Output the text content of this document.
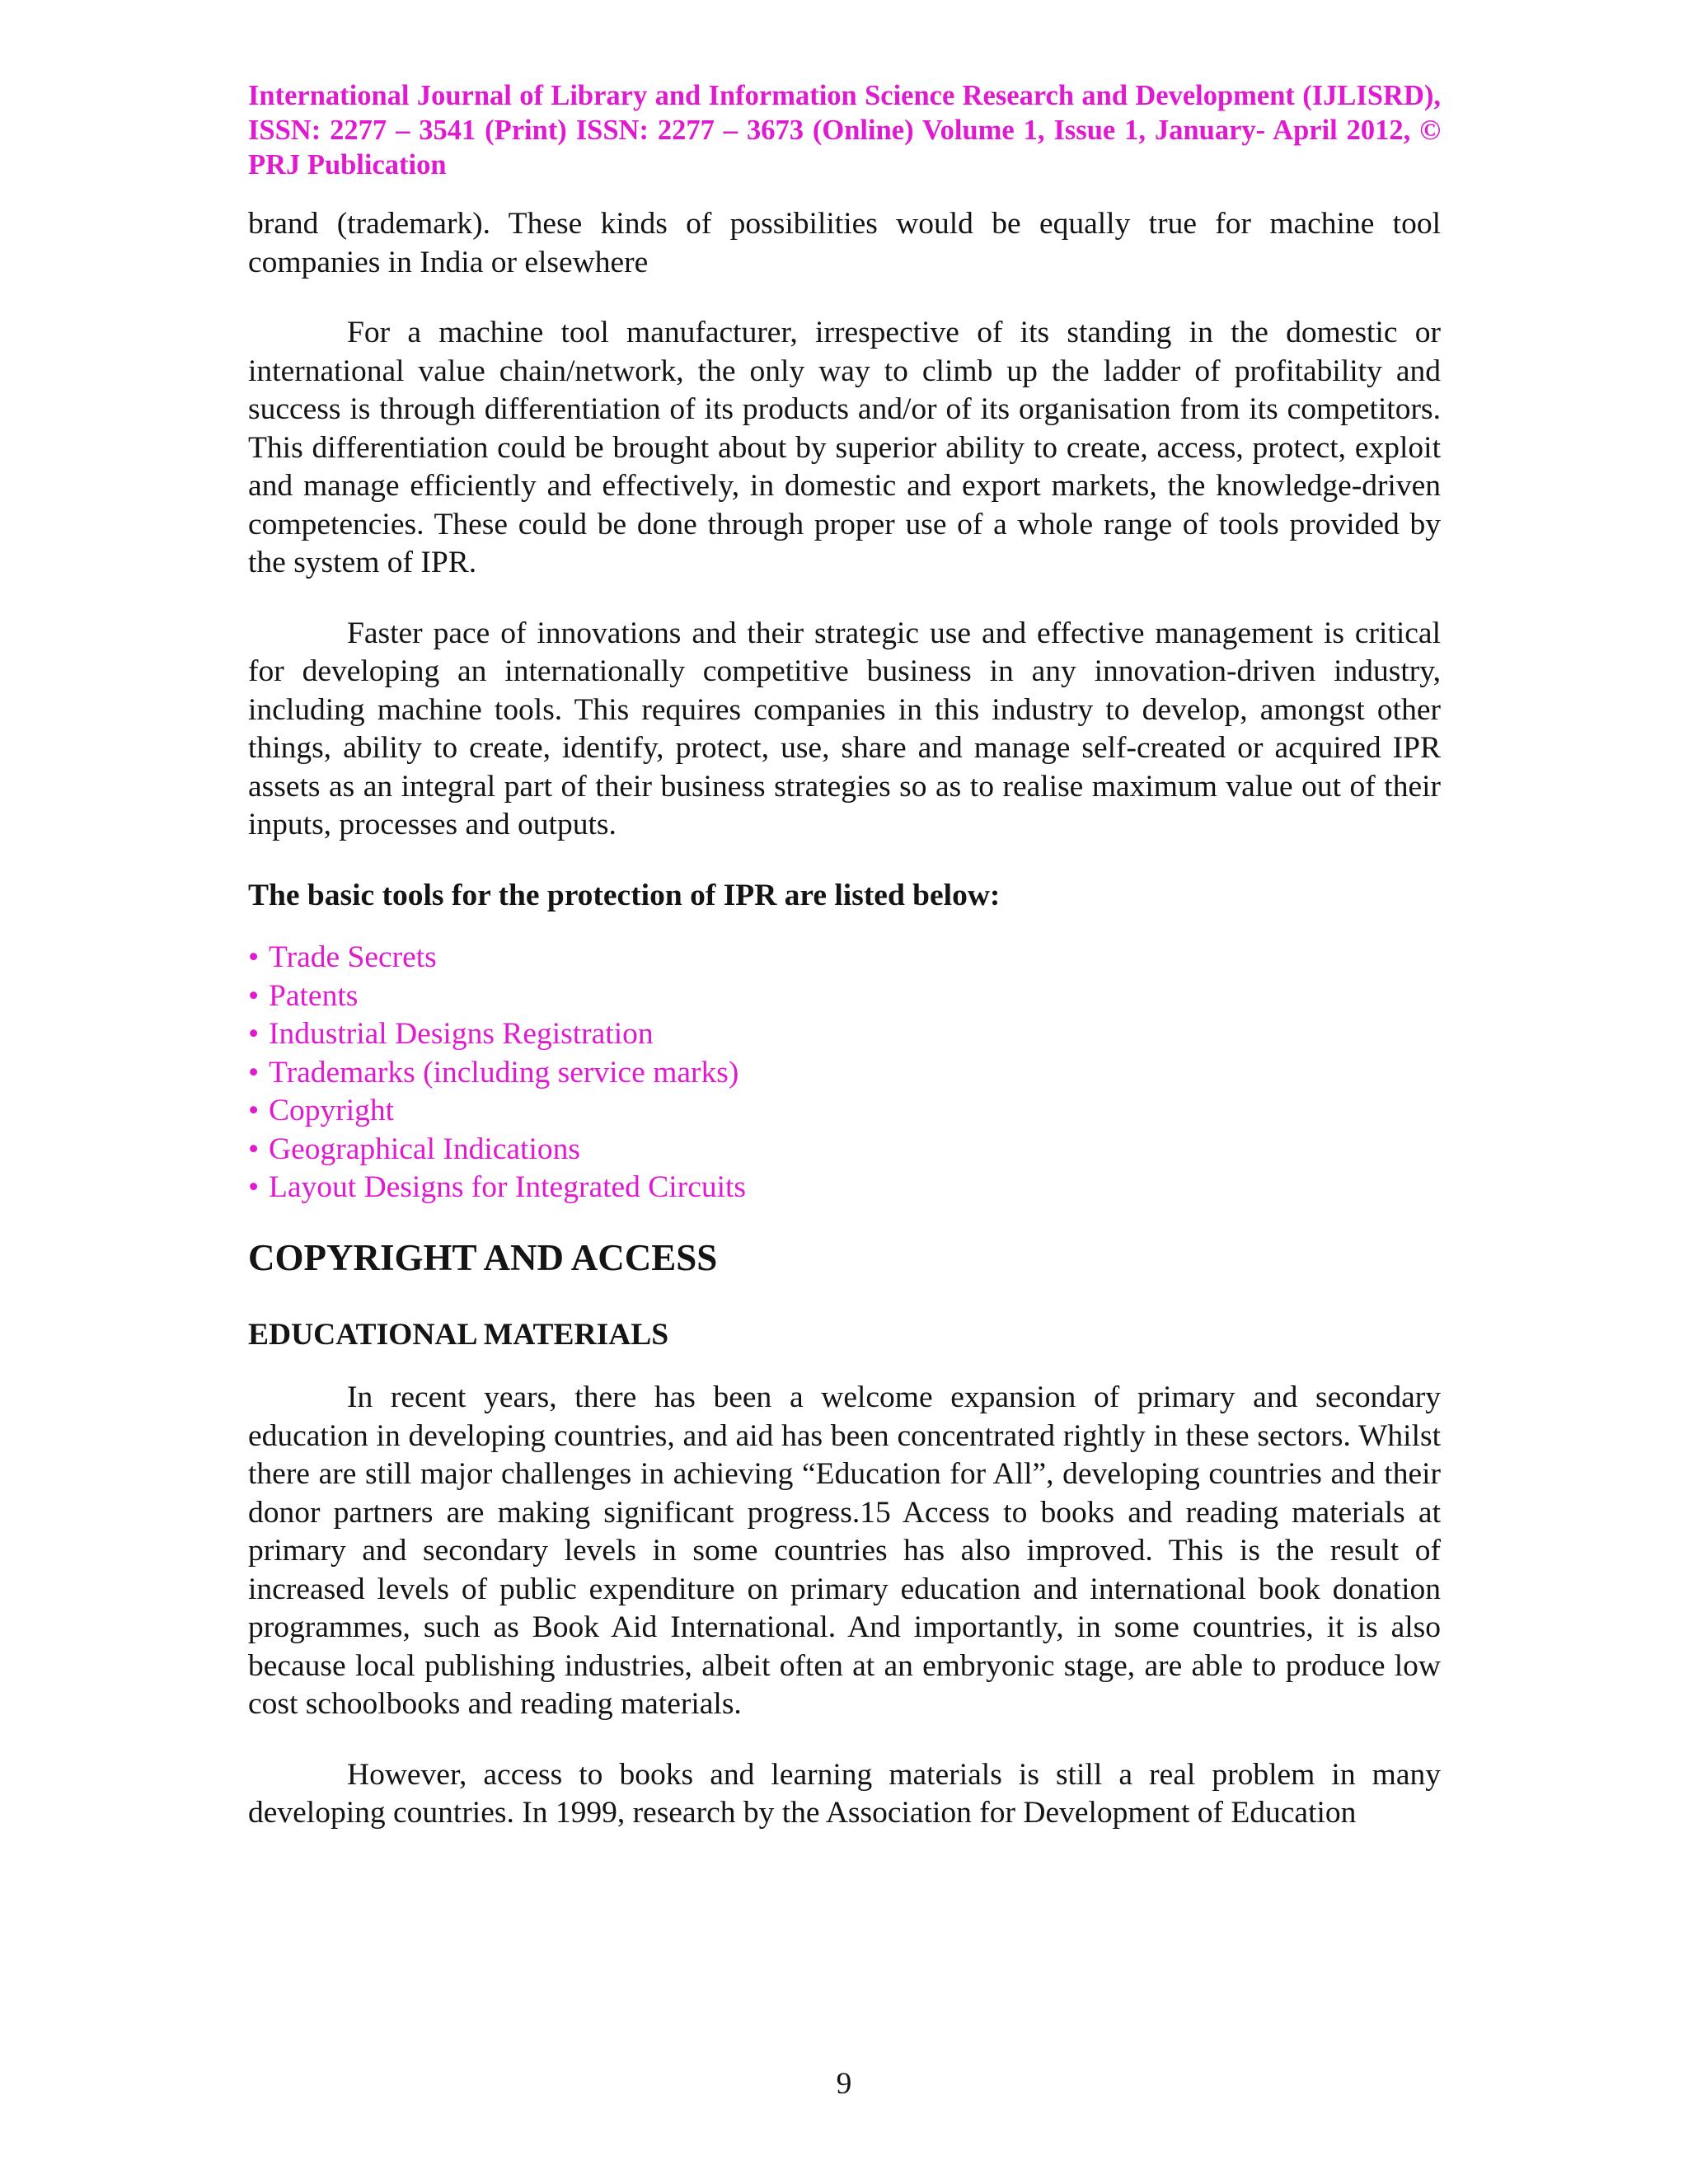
International Journal of Library and Information Science Research and Development (IJLISRD), ISSN: 2277 – 3541 (Print) ISSN: 2277 – 3673 (Online) Volume 1, Issue 1, January- April 2012, © PRJ Publication

brand (trademark). These kinds of possibilities would be equally true for machine tool companies in India or elsewhere

For a machine tool manufacturer, irrespective of its standing in the domestic or international value chain/network, the only way to climb up the ladder of profitability and success is through differentiation of its products and/or of its organisation from its competitors. This differentiation could be brought about by superior ability to create, access, protect, exploit and manage efficiently and effectively, in domestic and export markets, the knowledge-driven competencies. These could be done through proper use of a whole range of tools provided by the system of IPR.

Faster pace of innovations and their strategic use and effective management is critical for developing an internationally competitive business in any innovation-driven industry, including machine tools. This requires companies in this industry to develop, amongst other things, ability to create, identify, protect, use, share and manage self-created or acquired IPR assets as an integral part of their business strategies so as to realise maximum value out of their inputs, processes and outputs.

The basic tools for the protection of IPR are listed below:

• Trade Secrets
• Patents
• Industrial Designs Registration
• Trademarks (including service marks)
• Copyright
• Geographical Indications
• Layout Designs for Integrated Circuits
COPYRIGHT AND ACCESS
EDUCATIONAL MATERIALS

In recent years, there has been a welcome expansion of primary and secondary education in developing countries, and aid has been concentrated rightly in these sectors. Whilst there are still major challenges in achieving “Education for All”, developing countries and their donor partners are making significant progress.15 Access to books and reading materials at primary and secondary levels in some countries has also improved. This is the result of increased levels of public expenditure on primary education and international book donation programmes, such as Book Aid International. And importantly, in some countries, it is also because local publishing industries, albeit often at an embryonic stage, are able to produce low cost schoolbooks and reading materials.

However, access to books and learning materials is still a real problem in many developing countries. In 1999, research by the Association for Development of Education

9
